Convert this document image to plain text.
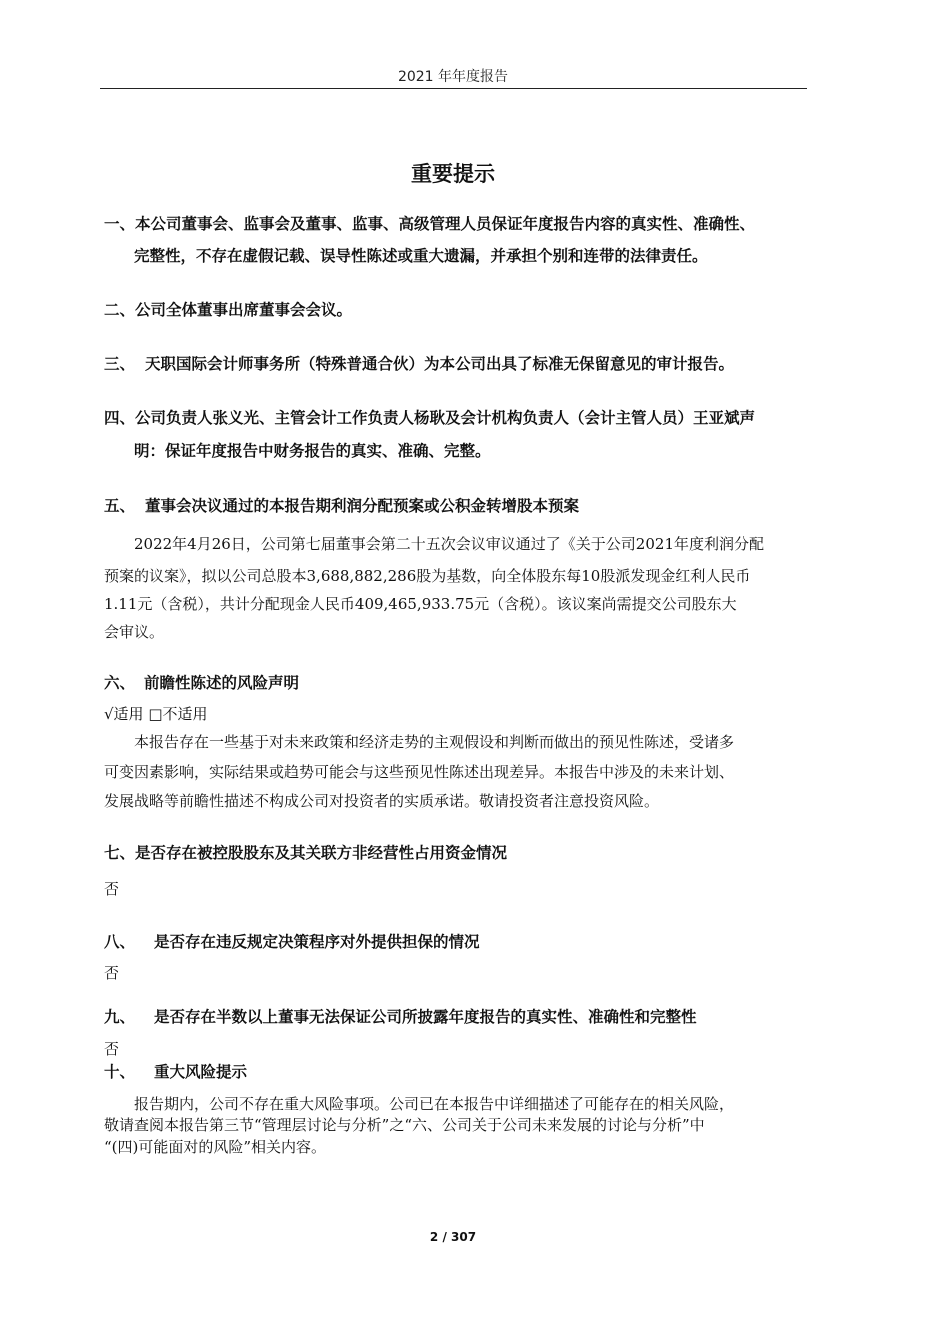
2021 年年度报告
重要提示
一、本公司董事会、监事会及董事、监事、高级管理人员保证年度报告内容的真实性、准确性、
完整性，不存在虚假记载、误导性陈述或重大遗漏，并承担个别和连带的法律责任。
二、公司全体董事出席董事会会议。
三、 天职国际会计师事务所（特殊普通合伙）为本公司出具了标准无保留意见的审计报告。
四、公司负责人张义光、主管会计工作负责人杨耿及会计机构负责人（会计主管人员）王亚斌声
明：保证年度报告中财务报告的真实、准确、完整。
五、 董事会决议通过的本报告期利润分配预案或公积金转增股本预案
2022年4月26日，公司第七届董事会第二十五次会议审议通过了《关于公司2021年度利润分配
预案的议案》，拟以公司总股本3,688,882,286股为基数，向全体股东每10股派发现金红利人民币
1.11元（含税），共计分配现金人民币409,465,933.75元（含税）。该议案尚需提交公司股东大
会审议。
六、 前瞻性陈述的风险声明
√适用 □不适用
本报告存在一些基于对未来政策和经济走势的主观假设和判断而做出的预见性陈述，受诸多
可变因素影响，实际结果或趋势可能会与这些预见性陈述出现差异。本报告中涉及的未来计划、
发展战略等前瞻性描述不构成公司对投资者的实质承诺。敬请投资者注意投资风险。
七、是否存在被控股股东及其关联方非经营性占用资金情况
否
八、 是否存在违反规定决策程序对外提供担保的情况
否
九、 是否存在半数以上董事无法保证公司所披露年度报告的真实性、准确性和完整性
否
十、 重大风险提示
报告期内，公司不存在重大风险事项。公司已在本报告中详细描述了可能存在的相关风险，
敬请查阅本报告第三节“管理层讨论与分析”之“六、公司关于公司未来发展的讨论与分析”中
“(四)可能面对的风险”相关内容。
2 / 307
